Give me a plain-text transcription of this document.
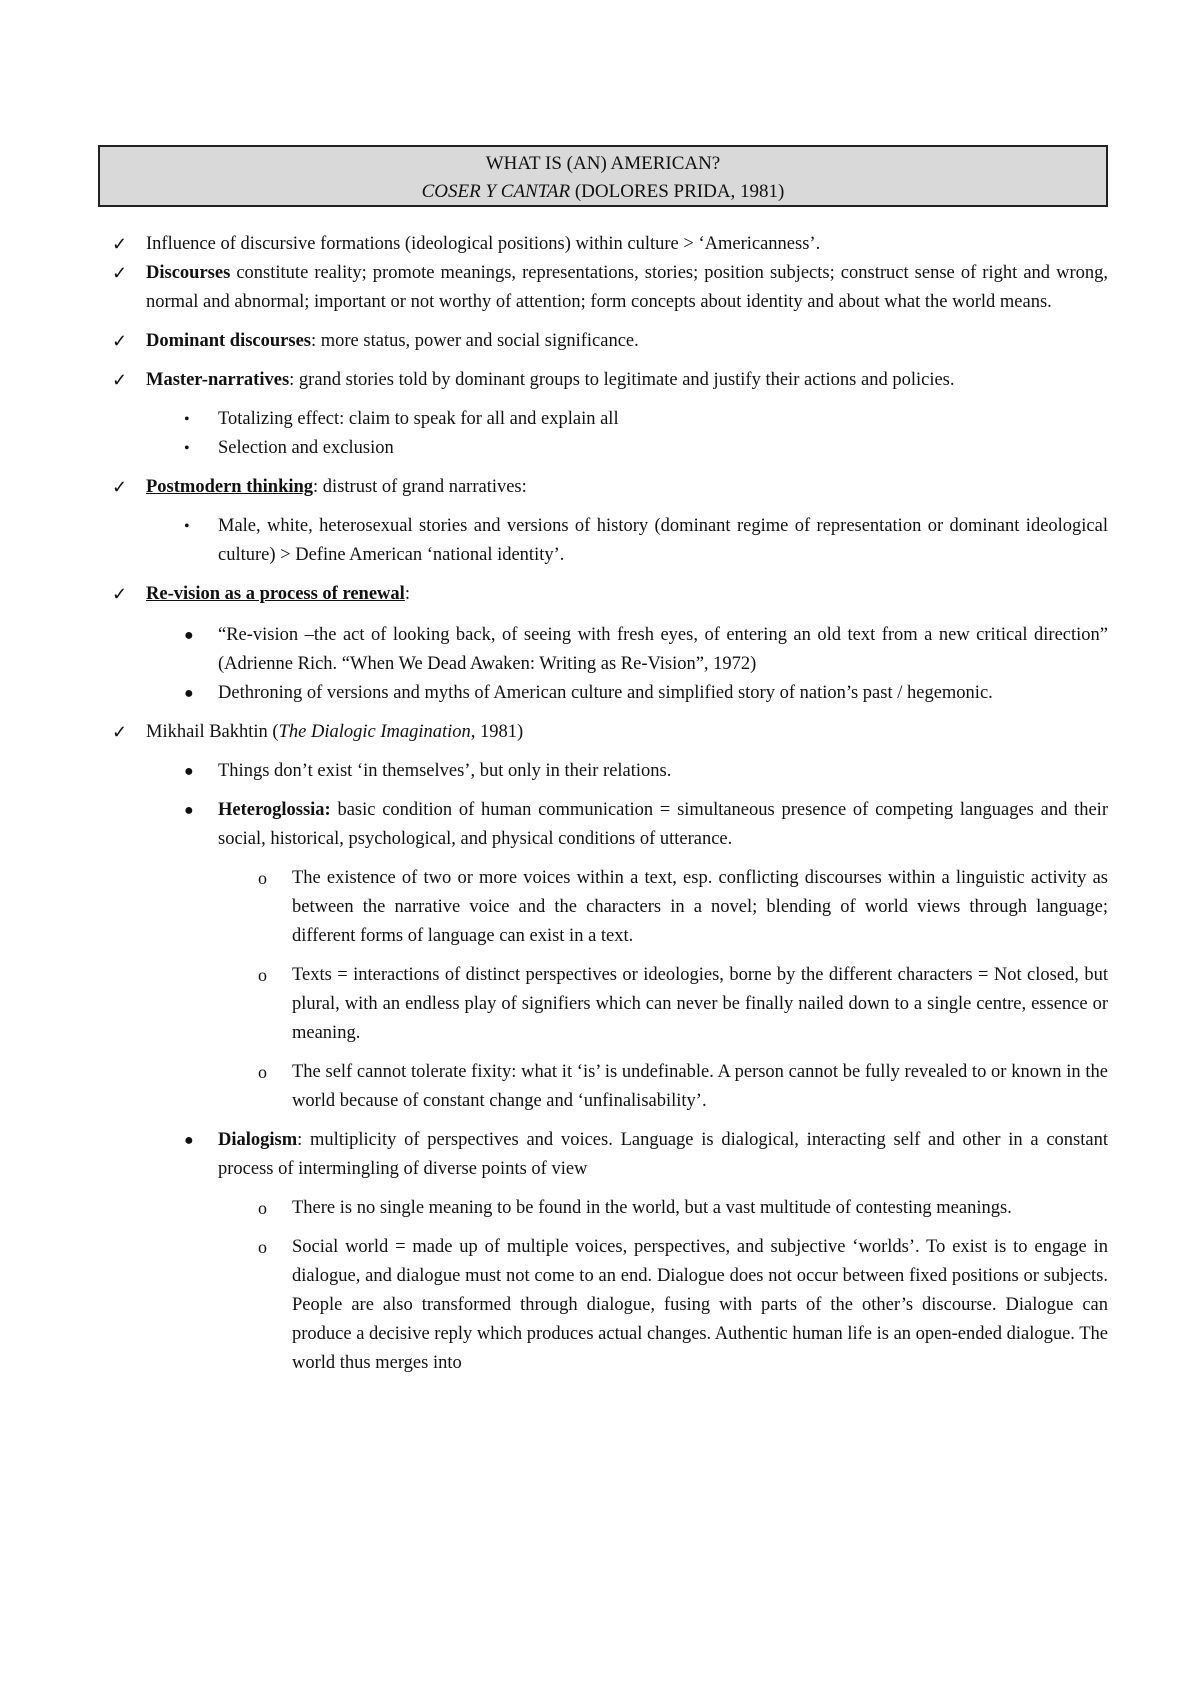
WHAT IS (AN) AMERICAN?
COSER Y CANTAR (DOLORES PRIDA, 1981)
✓ Influence of discursive formations (ideological positions) within culture > ‘Americanness’.
✓ Discourses constitute reality; promote meanings, representations, stories; position subjects; construct sense of right and wrong, normal and abnormal; important or not worthy of attention; form concepts about identity and about what the world means.
✓ Dominant discourses: more status, power and social significance.
✓ Master-narratives: grand stories told by dominant groups to legitimate and justify their actions and policies.
• Totalizing effect: claim to speak for all and explain all
• Selection and exclusion
✓ Postmodern thinking: distrust of grand narratives:
• Male, white, heterosexual stories and versions of history (dominant regime of representation or dominant ideological culture) > Define American ‘national identity’.
✓ Re-vision as a process of renewal:
● “Re-vision –the act of looking back, of seeing with fresh eyes, of entering an old text from a new critical direction” (Adrienne Rich. “When We Dead Awaken: Writing as Re-Vision”, 1972)
● Dethroning of versions and myths of American culture and simplified story of nation’s past / hegemonic.
✓ Mikhail Bakhtin (The Dialogic Imagination, 1981)
● Things don’t exist ‘in themselves’, but only in their relations.
● Heteroglossia: basic condition of human communication = simultaneous presence of competing languages and their social, historical, psychological, and physical conditions of utterance.
o The existence of two or more voices within a text, esp. conflicting discourses within a linguistic activity as between the narrative voice and the characters in a novel; blending of world views through language; different forms of language can exist in a text.
o Texts = interactions of distinct perspectives or ideologies, borne by the different characters = Not closed, but plural, with an endless play of signifiers which can never be finally nailed down to a single centre, essence or meaning.
o The self cannot tolerate fixity: what it ‘is’ is undefinable. A person cannot be fully revealed to or known in the world because of constant change and ‘unfinalisability’.
● Dialogism: multiplicity of perspectives and voices. Language is dialogical, interacting self and other in a constant process of intermingling of diverse points of view
o There is no single meaning to be found in the world, but a vast multitude of contesting meanings.
o Social world = made up of multiple voices, perspectives, and subjective ‘worlds’. To exist is to engage in dialogue, and dialogue must not come to an end. Dialogue does not occur between fixed positions or subjects. People are also transformed through dialogue, fusing with parts of the other’s discourse. Dialogue can produce a decisive reply which produces actual changes. Authentic human life is an open-ended dialogue. The world thus merges into
